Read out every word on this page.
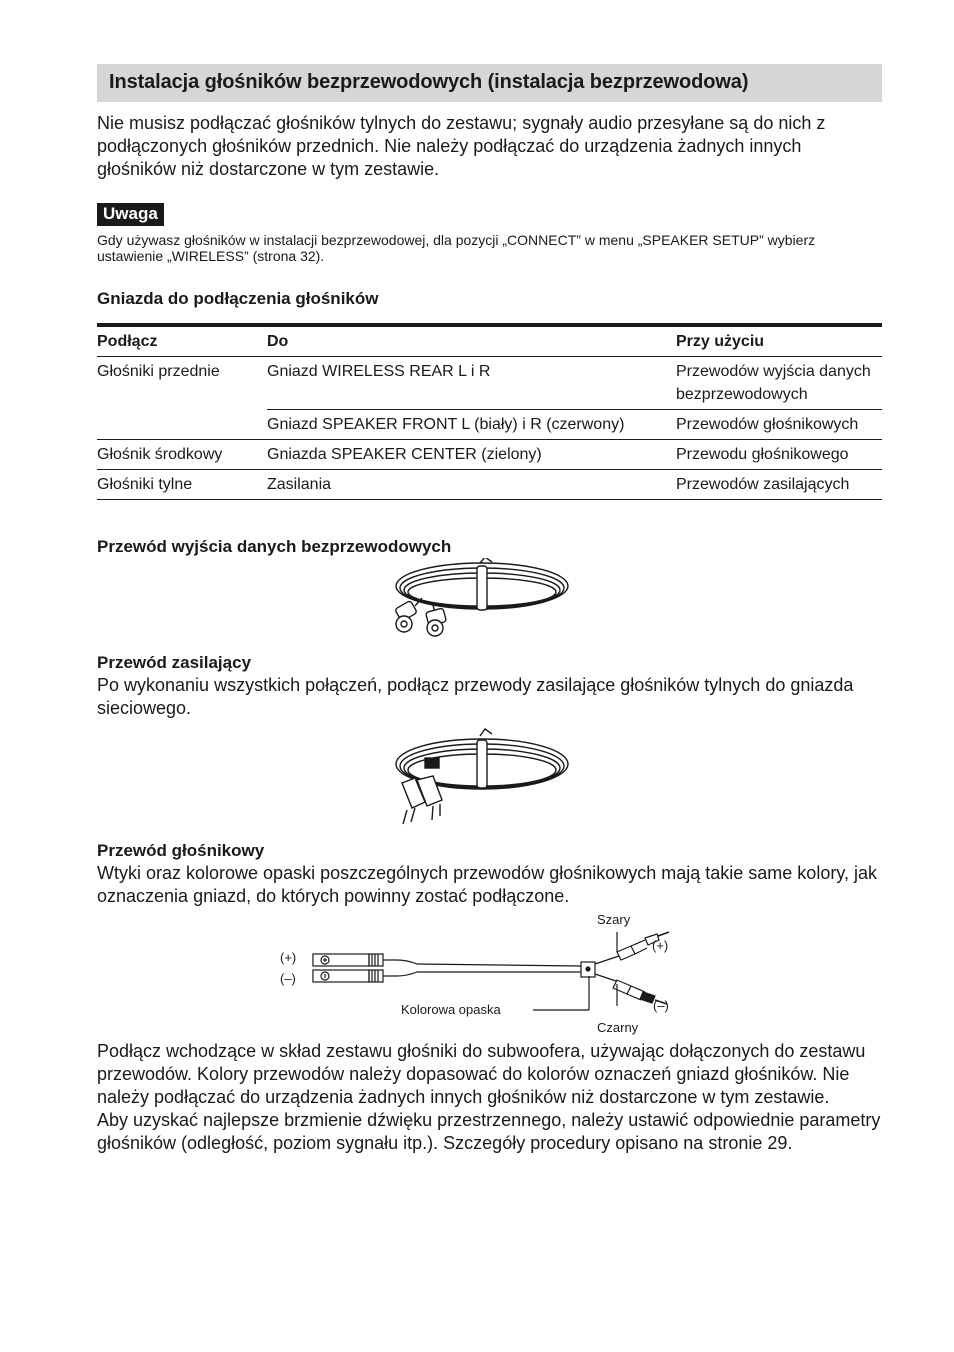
Instalacja głośników bezprzewodowych (instalacja bezprzewodowa)

Nie musisz podłączać głośników tylnych do zestawu; sygnały audio przesyłane są do nich z podłączonych głośników przednich. Nie należy podłączać do urządzenia żadnych innych głośników niż dostarczone w tym zestawie.

Uwaga

Gdy używasz głośników w instalacji bezprzewodowej, dla pozycji „CONNECT” w menu „SPEAKER SETUP” wybierz ustawienie „WIRELESS” (strona 32).

Gniazda do podłączenia głośników
Podłącz	Do	Przy użyciu
Głośniki przednie	Gniazd WIRELESS REAR L i R	Przewodów wyjścia danych bezprzewodowych
	Gniazd SPEAKER FRONT L (biały) i R (czerwony)	Przewodów głośnikowych
Głośnik środkowy	Gniazda SPEAKER CENTER (zielony)	Przewodu głośnikowego
Głośniki tylne	Zasilania	Przewodów zasilających
Przewód wyjścia danych bezprzewodowych
Przewód zasilający

Po wykonaniu wszystkich połączeń, podłącz przewody zasilające głośników tylnych do gniazda sieciowego.

Przewód głośnikowy

Wtyki oraz kolorowe opaski poszczególnych przewodów głośnikowych mają takie same kolory, jak oznaczenia gniazd, do których powinny zostać podłączone.

(+)
(–)
Szary
(+)
(–)
Kolorowa opaska
Czarny

Podłącz wchodzące w skład zestawu głośniki do subwoofera, używając dołączonych do zestawu przewodów. Kolory przewodów należy dopasować do kolorów oznaczeń gniazd głośników. Nie należy podłączać do urządzenia żadnych innych głośników niż dostarczone w tym zestawie.

Aby uzyskać najlepsze brzmienie dźwięku przestrzennego, należy ustawić odpowiednie parametry głośników (odległość, poziom sygnału itp.). Szczegóły procedury opisano na stronie 29.
